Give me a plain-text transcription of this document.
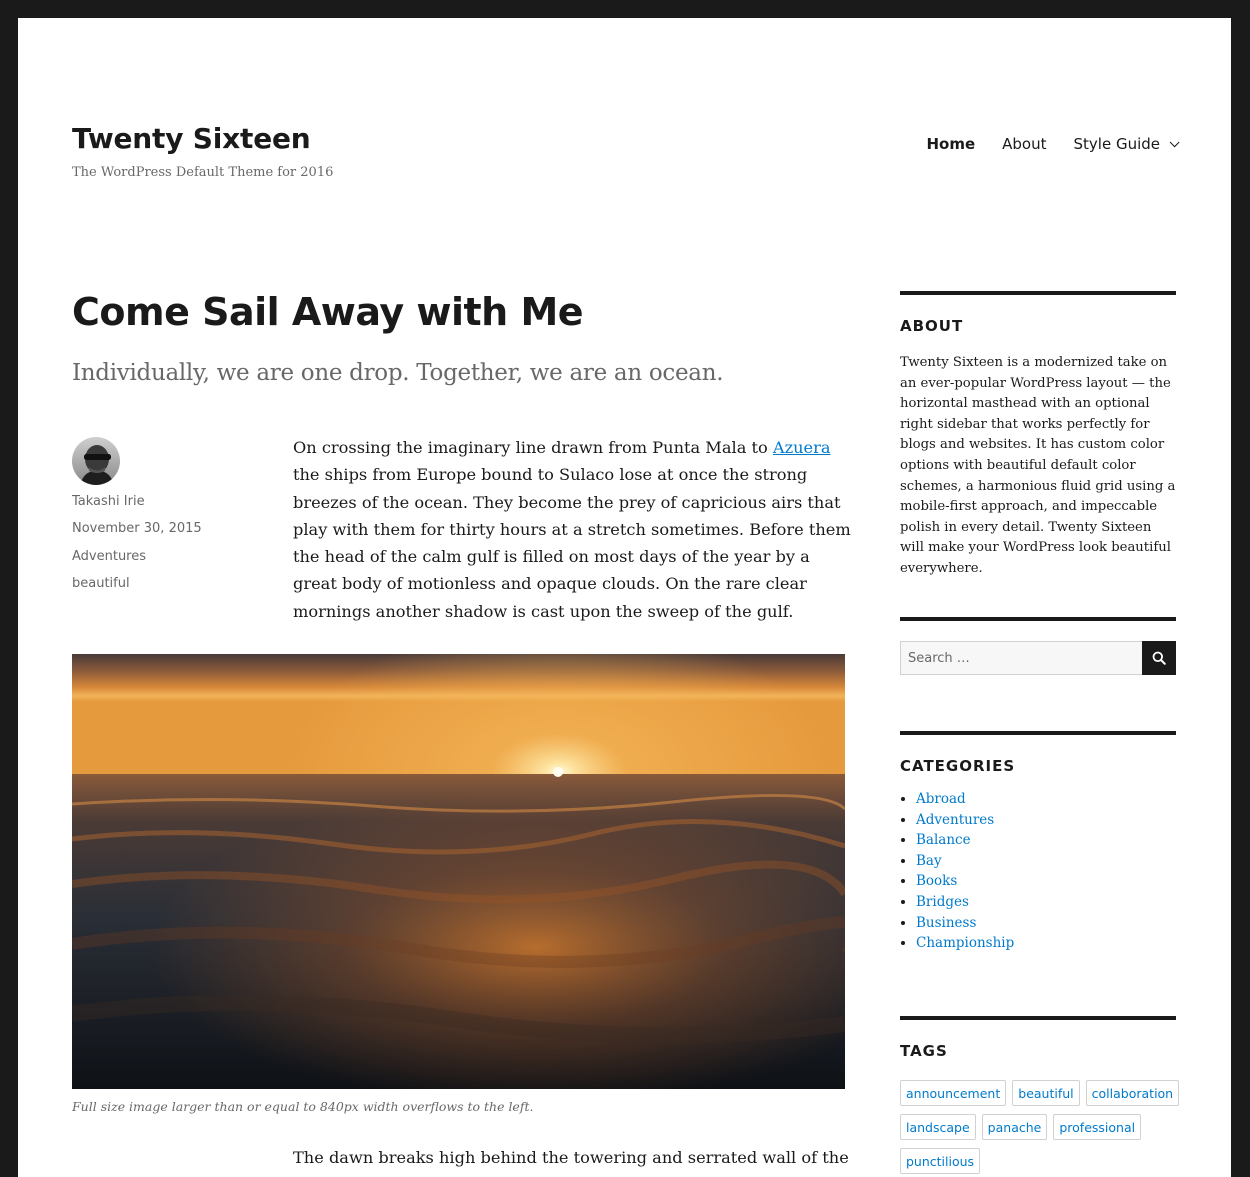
Twenty Sixteen

The WordPress Default Theme for 2016

Home About Style Guide
Come Sail Away with Me

Individually, we are one drop. Together, we are an ocean.

Takashi Irie
November 30, 2015
Adventures
beautiful

On crossing the imaginary line drawn from Punta Mala to Azuera the ships from Europe bound to Sulaco lose at once the strong breezes of the ocean. They become the prey of capricious airs that play with them for thirty hours at a stretch sometimes. Before them the head of the calm gulf is filled on most days of the year by a great body of motionless and opaque clouds. On the rare clear mornings another shadow is cast upon the sweep of the gulf.

Full size image larger than or equal to 840px width overflows to the left.

The dawn breaks high behind the towering and serrated wall of the

ABOUT

Twenty Sixteen is a modernized take on an ever-popular WordPress layout — the horizontal masthead with an optional right sidebar that works perfectly for blogs and websites. It has custom color options with beautiful default color schemes, a harmonious fluid grid using a mobile-first approach, and impeccable polish in every detail. Twenty Sixteen will make your WordPress look beautiful everywhere.

Search …
CATEGORIES
• Abroad
• Adventures
• Balance
• Bay
• Books
• Bridges
• Business
• Championship
TAGS
announcement	beautiful	collaboration
landscape	panache	professional
punctilious
